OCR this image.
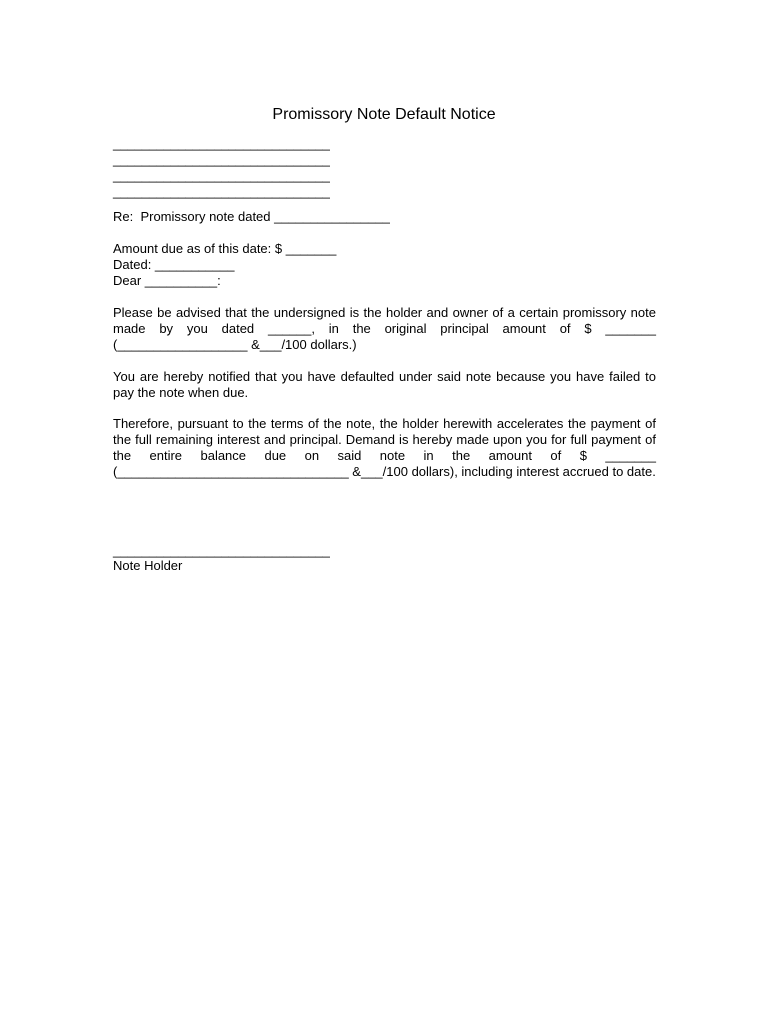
Promissory Note Default Notice
______________________________
______________________________
______________________________
______________________________
Re:  Promissory note dated ________________
Amount due as of this date: $ _______
Dated: ___________
Dear __________:
Please be advised that the undersigned is the holder and owner of a certain promissory note made by you dated ______, in the original principal amount of $ _______ (__________________ &___/100 dollars.)
You are hereby notified that you have defaulted under said note because you have failed to pay the note when due.
Therefore, pursuant to the terms of the note, the holder herewith accelerates the payment of the full remaining interest and principal. Demand is hereby made upon you for full payment of the entire balance due on said note in the amount of $ _______ (________________________________ &___/100 dollars), including interest accrued to date.
______________________________
Note Holder
